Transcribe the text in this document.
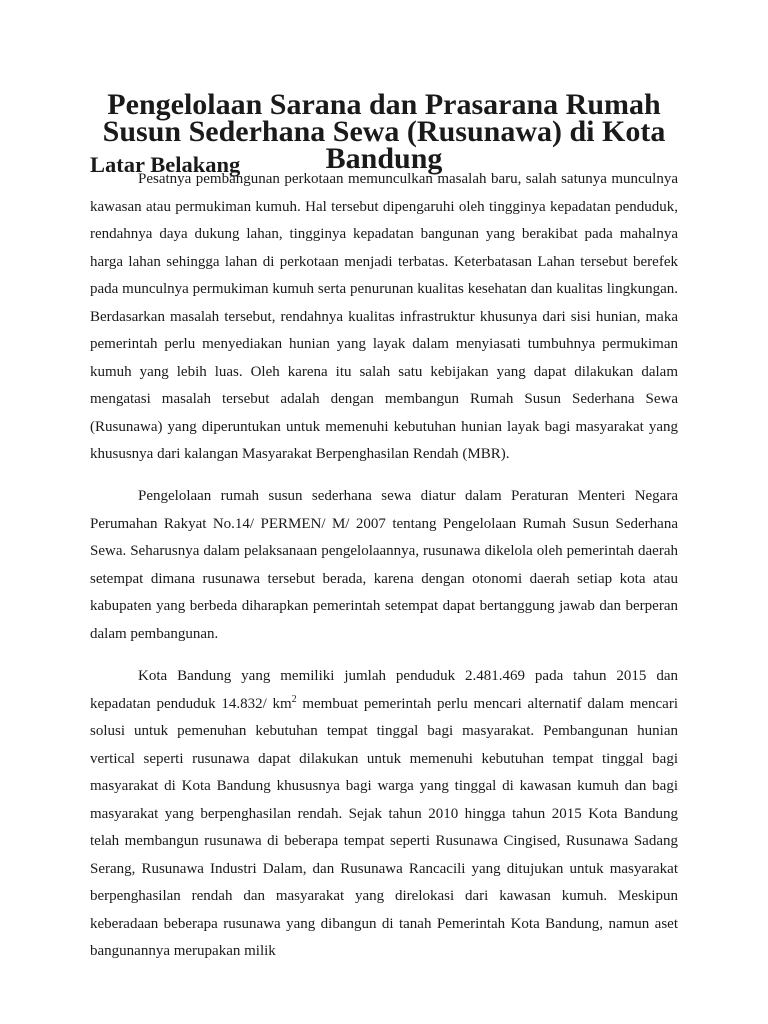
Pengelolaan Sarana dan Prasarana Rumah Susun Sederhana Sewa (Rusunawa) di Kota Bandung
Latar Belakang

Pesatnya pembangunan perkotaan memunculkan masalah baru, salah satunya munculnya kawasan atau permukiman kumuh. Hal tersebut dipengaruhi oleh tingginya kepadatan penduduk, rendahnya daya dukung lahan, tingginya kepadatan bangunan yang berakibat pada mahalnya harga lahan sehingga lahan di perkotaan menjadi terbatas. Keterbatasan Lahan tersebut berefek pada munculnya permukiman kumuh serta penurunan kualitas kesehatan dan kualitas lingkungan. Berdasarkan masalah tersebut, rendahnya kualitas infrastruktur khusunya dari sisi hunian, maka pemerintah perlu menyediakan hunian yang layak dalam menyiasati tumbuhnya permukiman kumuh yang lebih luas. Oleh karena itu salah satu kebijakan yang dapat dilakukan dalam mengatasi masalah tersebut adalah dengan membangun Rumah Susun Sederhana Sewa (Rusunawa) yang diperuntukan untuk memenuhi kebutuhan hunian layak bagi masyarakat yang khususnya dari kalangan Masyarakat Berpenghasilan Rendah (MBR).

Pengelolaan rumah susun sederhana sewa diatur dalam Peraturan Menteri Negara Perumahan Rakyat No.14/ PERMEN/ M/ 2007 tentang Pengelolaan Rumah Susun Sederhana Sewa. Seharusnya dalam pelaksanaan pengelolaannya, rusunawa dikelola oleh pemerintah daerah setempat dimana rusunawa tersebut berada, karena dengan otonomi daerah setiap kota atau kabupaten yang berbeda diharapkan pemerintah setempat dapat bertanggung jawab dan berperan dalam pembangunan.

Kota Bandung yang memiliki jumlah penduduk 2.481.469 pada tahun 2015 dan kepadatan penduduk 14.832/ $km^2$ membuat pemerintah perlu mencari alternatif dalam mencari solusi untuk pemenuhan kebutuhan tempat tinggal bagi masyarakat. Pembangunan hunian vertical seperti rusunawa dapat dilakukan untuk memenuhi kebutuhan tempat tinggal bagi masyarakat di Kota Bandung khususnya bagi warga yang tinggal di kawasan kumuh dan bagi masyarakat yang berpenghasilan rendah. Sejak tahun 2010 hingga tahun 2015 Kota Bandung telah membangun rusunawa di beberapa tempat seperti Rusunawa Cingised, Rusunawa Sadang Serang, Rusunawa Industri Dalam, dan Rusunawa Rancacili yang ditujukan untuk masyarakat berpenghasilan rendah dan masyarakat yang direlokasi dari kawasan kumuh. Meskipun keberadaan beberapa rusunawa yang dibangun di tanah Pemerintah Kota Bandung, namun aset bangunannya merupakan milik
